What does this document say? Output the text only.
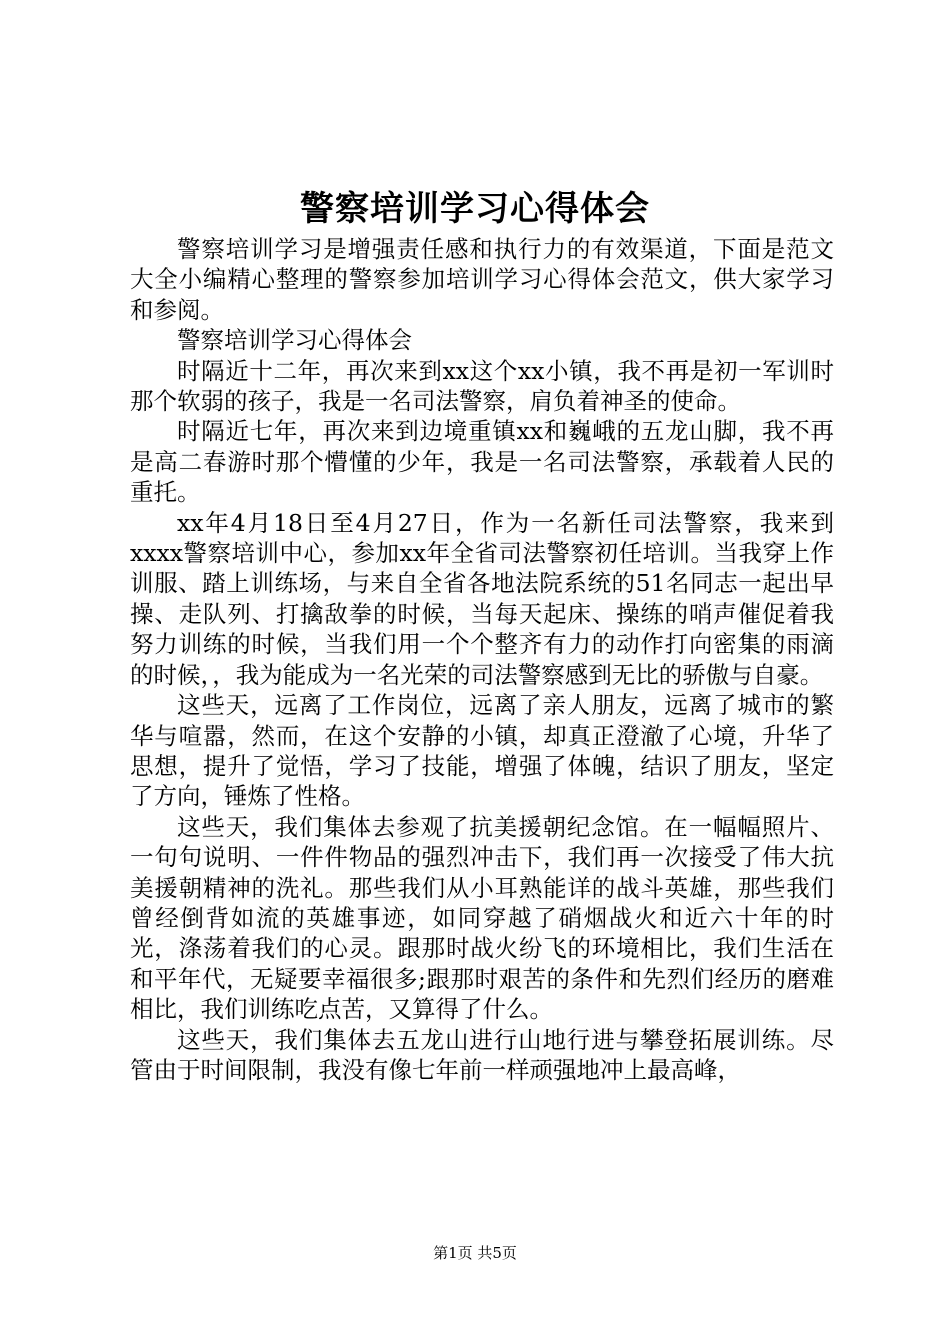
警察培训学习心得体会

警察培训学习是增强责任感和执行力的有效渠道，下面是范文大全小编精心整理的警察参加培训学习心得体会范文，供大家学习和参阅。

警察培训学习心得体会

时隔近十二年，再次来到xx这个xx小镇，我不再是初一军训时那个软弱的孩子，我是一名司法警察，肩负着神圣的使命。

时隔近七年，再次来到边境重镇xx和巍峨的五龙山脚，我不再是高二春游时那个懵懂的少年，我是一名司法警察，承载着人民的重托。

xx年4月18日至4月27日，作为一名新任司法警察，我来到xxxx警察培训中心，参加xx年全省司法警察初任培训。当我穿上作训服、踏上训练场，与来自全省各地法院系统的51名同志一起出早操、走队列、打擒敌拳的时候，当每天起床、操练的哨声催促着我努力训练的时候，当我们用一个个整齐有力的动作打向密集的雨滴的时候，，我为能成为一名光荣的司法警察感到无比的骄傲与自豪。

这些天，远离了工作岗位，远离了亲人朋友，远离了城市的繁华与喧嚣，然而，在这个安静的小镇，却真正澄澈了心境，升华了思想，提升了觉悟，学习了技能，增强了体魄，结识了朋友，坚定了方向，锤炼了性格。

这些天，我们集体去参观了抗美援朝纪念馆。在一幅幅照片、一句句说明、一件件物品的强烈冲击下，我们再一次接受了伟大抗美援朝精神的洗礼。那些我们从小耳熟能详的战斗英雄，那些我们曾经倒背如流的英雄事迹，如同穿越了硝烟战火和近六十年的时光，涤荡着我们的心灵。跟那时战火纷飞的环境相比，我们生活在和平年代，无疑要幸福很多;跟那时艰苦的条件和先烈们经历的磨难相比，我们训练吃点苦，又算得了什么。

这些天，我们集体去五龙山进行山地行进与攀登拓展训练。尽管由于时间限制，我没有像七年前一样顽强地冲上最高峰，

第1页 共5页
